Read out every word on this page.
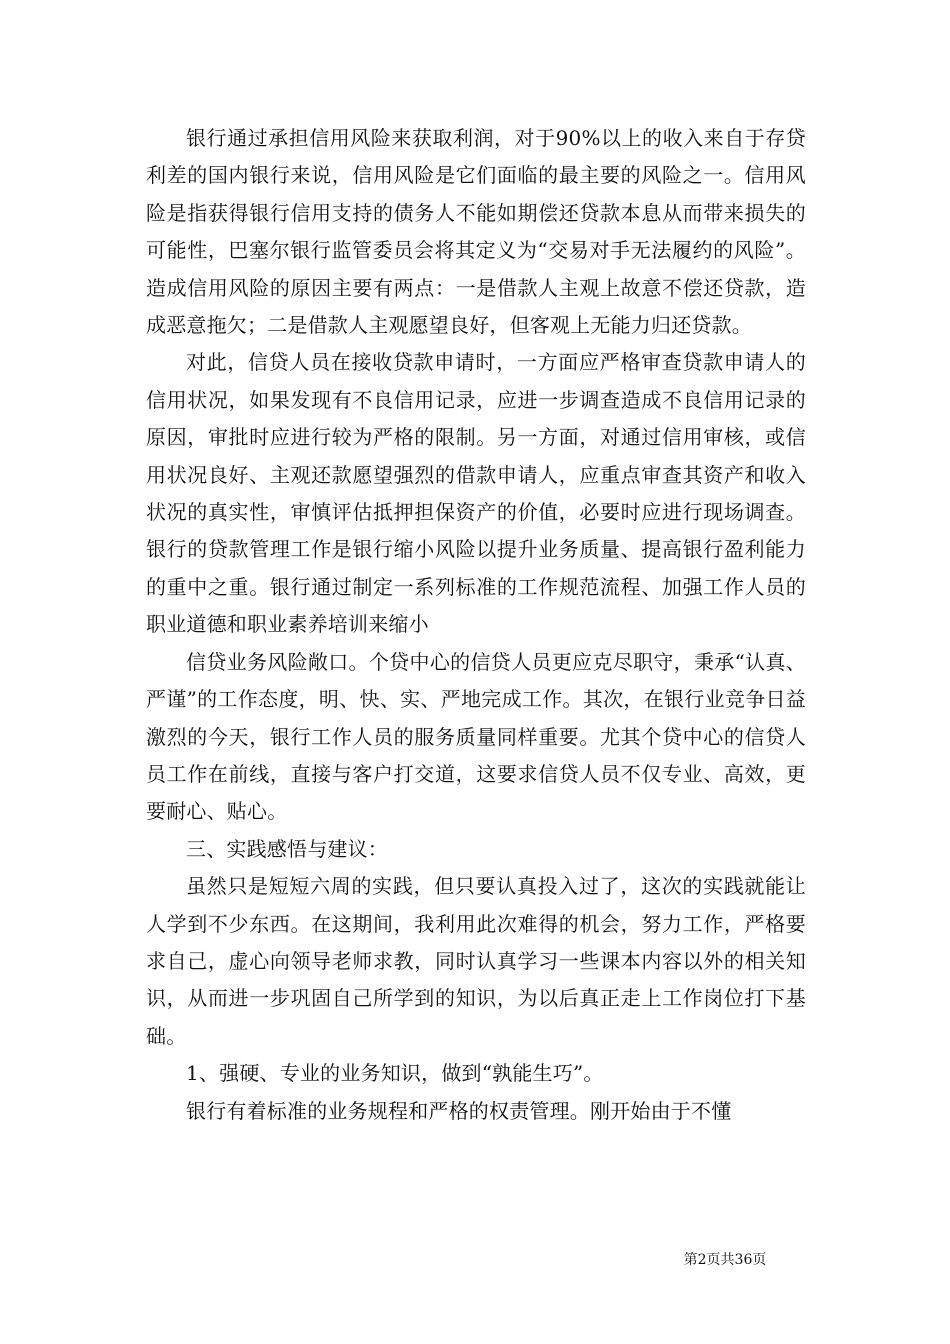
银行通过承担信用风险来获取利润，对于90%以上的收入来自于存贷利差的国内银行来说，信用风险是它们面临的最主要的风险之一。信用风险是指获得银行信用支持的债务人不能如期偿还贷款本息从而带来损失的可能性，巴塞尔银行监管委员会将其定义为“交易对手无法履约的风险”。造成信用风险的原因主要有两点：一是借款人主观上故意不偿还贷款，造成恶意拖欠；二是借款人主观愿望良好，但客观上无能力归还贷款。

对此，信贷人员在接收贷款申请时，一方面应严格审查贷款申请人的信用状况，如果发现有不良信用记录，应进一步调查造成不良信用记录的原因，审批时应进行较为严格的限制。另一方面，对通过信用审核，或信用状况良好、主观还款愿望强烈的借款申请人，应重点审查其资产和收入状况的真实性，审慎评估抵押担保资产的价值，必要时应进行现场调查。银行的贷款管理工作是银行缩小风险以提升业务质量、提高银行盈利能力的重中之重。银行通过制定一系列标准的工作规范流程、加强工作人员的职业道德和职业素养培训来缩小

信贷业务风险敞口。个贷中心的信贷人员更应克尽职守，秉承“认真、严谨”的工作态度，明、快、实、严地完成工作。其次，在银行业竞争日益激烈的今天，银行工作人员的服务质量同样重要。尤其个贷中心的信贷人员工作在前线，直接与客户打交道，这要求信贷人员不仅专业、高效，更要耐心、贴心。

三、实践感悟与建议：

虽然只是短短六周的实践，但只要认真投入过了，这次的实践就能让人学到不少东西。在这期间，我利用此次难得的机会，努力工作，严格要求自己，虚心向领导老师求教，同时认真学习一些课本内容以外的相关知识，从而进一步巩固自己所学到的知识，为以后真正走上工作岗位打下基础。

1、强硬、专业的业务知识，做到“孰能生巧”。

银行有着标准的业务规程和严格的权责管理。刚开始由于不懂

第2页共36页
